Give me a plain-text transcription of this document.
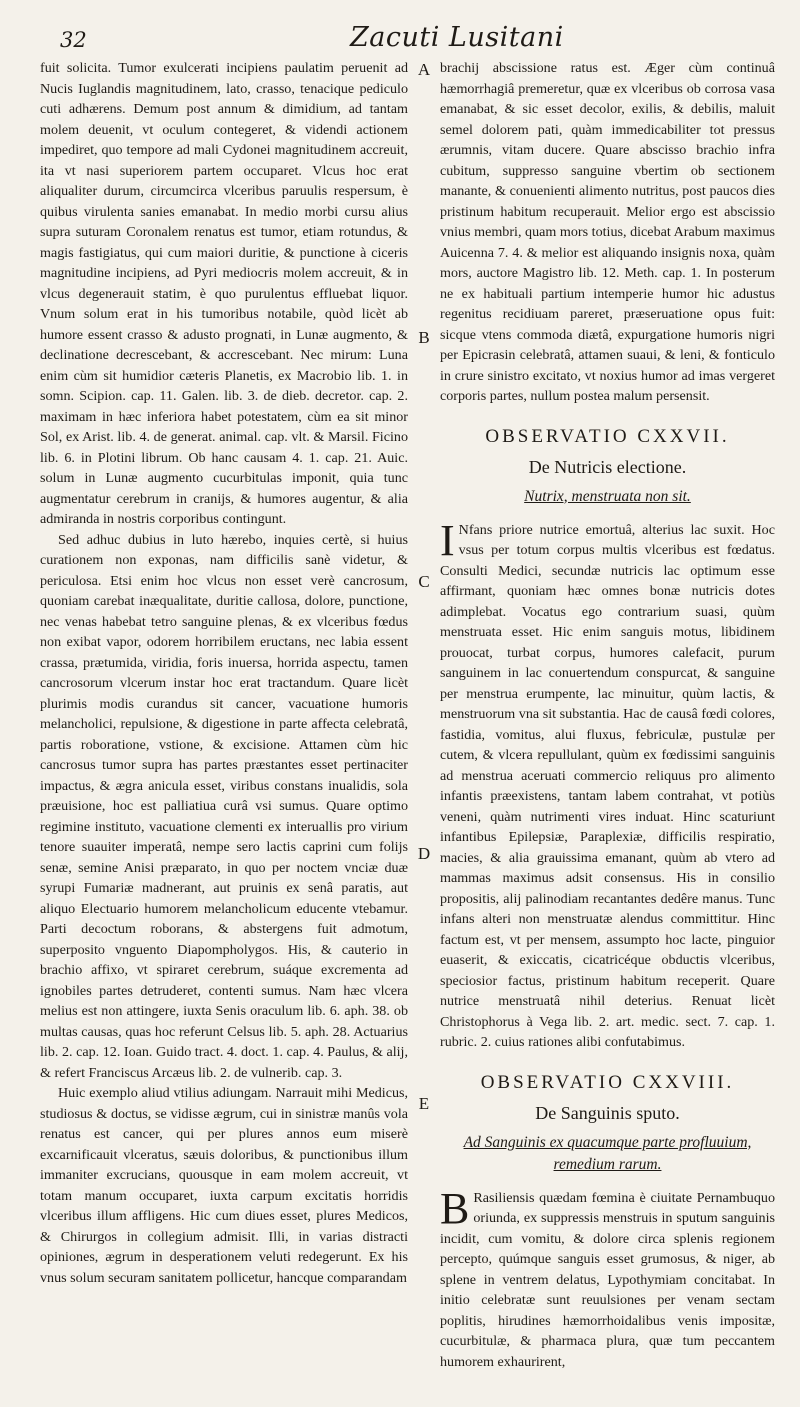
32	Zacuti Lusitani

fuit solicita. Tumor exulcerati incipiens paulatim peruenit ad Nucis Iuglandis magnitudinem, lato, crasso, tenacique pediculo cuti adhærens. Demum post annum & dimidium, ad tantam molem deuenit, vt oculum contegeret, & videndi actionem impediret, quo tempore ad mali Cydonei magnitudinem accreuit, ita vt nasi superiorem partem occuparet. Vlcus hoc erat aliqualiter durum, circumcirca vlceribus paruulis respersum, è quibus virulenta sanies emanabat. In medio morbi cursu alius supra suturam Coronalem renatus est tumor, etiam rotundus, & magis fastigiatus, qui cum maiori duritie, & punctione à ciceris magnitudine incipiens, ad Pyri mediocris molem accreuit, & in vlcus degenerauit statim, è quo purulentus effluebat liquor. Vnum solum erat in his tumoribus notabile, quòd licèt ab humore essent crasso & adusto prognati, in Lunæ augmento, & declinatione decrescebant, & accrescebant. Nec mirum: Luna enim cùm sit humidior cæteris Planetis, ex Macrobio lib. 1. in somn. Scipion. cap. 11. Galen. lib. 3. de dieb. decretor. cap. 2. maximam in hæc inferiora habet potestatem, cùm ea sit minor Sol, ex Arist. lib. 4. de generat. animal. cap. vlt. & Marsil. Ficino lib. 6. in Plotini librum. Ob hanc causam 4. 1. cap. 21. Auic. solum in Lunæ augmento cucurbitulas imponit, quia tunc augmentatur cerebrum in cranijs, & humores augentur, & alia admiranda in nostris corporibus contingunt.

Sed adhuc dubius in luto hærebo, inquies certè, si huius curationem non exponas, nam difficilis sanè videtur, & periculosa. Etsi enim hoc vlcus non esset verè cancrosum, quoniam carebat inæqualitate, duritie callosa, dolore, punctione, nec venas habebat tetro sanguine plenas, & ex vlceribus fœdus non exibat vapor, odorem horribilem eructans, nec labia essent crassa, prætumida, viridia, foris inuersa, horrida aspectu, tamen cancrosorum vlcerum instar hoc erat tractandum. Quare licèt plurimis modis curandus sit cancer, vacuatione humoris melancholici, repulsione, & digestione in parte affecta celebratâ, partis roboratione, vstione, & excisione. Attamen cùm hic cancrosus tumor supra has partes præstantes esset pertinaciter impactus, & ægra anicula esset, viribus constans inualidis, sola præuisione, hoc est palliatiua curâ vsi sumus. Quare optimo regimine instituto, vacuatione clementi ex interuallis pro virium tenore suauiter imperatâ, nempe sero lactis caprini cum folijs senæ, semine Anisi præparato, in quo per noctem vnciæ duæ syrupi Fumariæ madnerant, aut pruinis ex senâ paratis, aut aliquo Electuario humorem melancholicum educente vtebamur. Parti decoctum roborans, & abstergens fuit admotum, superposito vnguento Diapompholygos. His, & cauterio in brachio affixo, vt spiraret cerebrum, suáque excrementa ad ignobiles partes detruderet, contenti sumus. Nam hæc vlcera melius est non attingere, iuxta Senis oraculum lib. 6. aph. 38. ob multas causas, quas hoc referunt Celsus lib. 5. aph. 28. Actuarius lib. 2. cap. 12. Ioan. Guido tract. 4. doct. 1. cap. 4. Paulus, & alij, & refert Franciscus Arcæus lib. 2. de vulnerib. cap. 3.

Huic exemplo aliud vtilius adiungam. Narrauit mihi Medicus, studiosus & doctus, se vidisse ægrum, cui in sinistræ manûs vola renatus est cancer, qui per plures annos eum miserè excarnificauit vlceratus, sæuis doloribus, & punctionibus illum immaniter excrucians, quousque in eam molem accreuit, vt totam manum occuparet, iuxta carpum excitatis horridis vlceribus illum affligens. Hic cum diues esset, plures Medicos, & Chirurgos in collegium admisit. Illi, in varias distracti opiniones, ægrum in desperationem veluti redegerunt. Ex his vnus solum securam sanitatem pollicetur, hancque comparandam

A
B
C
D
E

brachij abscissione ratus est. Æger cùm continuâ hæmorrhagiâ premeretur, quæ ex vlceribus ob corrosa vasa emanabat, & sic esset decolor, exilis, & debilis, maluit semel dolorem pati, quàm immedicabiliter tot pressus ærumnis, vitam ducere. Quare abscisso brachio infra cubitum, suppresso sanguine vbertim ob sectionem manante, & conuenienti alimento nutritus, post paucos dies pristinum habitum recuperauit. Melior ergo est abscissio vnius membri, quam mors totius, dicebat Arabum maximus Auicenna 7. 4. & melior est aliquando insignis noxa, quàm mors, auctore Magistro lib. 12. Meth. cap. 1. In posterum ne ex habituali partium intemperie humor hic adustus regenitus recidiuam pareret, præseruatione opus fuit: sicque vtens commoda diætâ, expurgatione humoris nigri per Epicrasin celebratâ, attamen suaui, & leni, & fonticulo in crure sinistro excitato, vt noxius humor ad imas vergeret corporis partes, nullum postea malum persensit.

OBSERVATIO CXXVII.
De Nutricis electione.
Nutrix, menstruata non sit.

I Nfans priore nutrice emortuâ, alterius lac suxit. Hoc vsus per totum corpus multis vlceribus est fœdatus. Consulti Medici, secundæ nutricis lac optimum esse affirmant, quoniam hæc omnes bonæ nutricis dotes adimplebat. Vocatus ego contrarium suasi, quùm menstruata esset. Hic enim sanguis motus, libidinem prouocat, turbat corpus, humores calefacit, purum sanguinem in lac conuertendum conspurcat, & sanguine per menstrua erumpente, lac minuitur, quùm lactis, & menstruorum vna sit substantia. Hac de causâ fœdi colores, fastidia, vomitus, alui fluxus, febriculæ, pustulæ per cutem, & vlcera repullulant, quùm ex fœdissimi sanguinis ad menstrua aceruati commercio reliquus pro alimento infantis præexistens, tantam labem contrahat, vt potiùs veneni, quàm nutrimenti vires induat. Hinc scaturiunt infantibus Epilepsiæ, Paraplexiæ, difficilis respiratio, macies, & alia grauissima emanant, quùm ab vtero ad mammas maximus adsit consensus. His in consilio propositis, alij palinodiam recantantes dedêre manus. Tunc infans alteri non menstruatæ alendus committitur. Hinc factum est, vt per mensem, assumpto hoc lacte, pinguior euaserit, & exiccatis, cicatricéque obductis vlceribus, speciosior factus, pristinum habitum receperit. Quare nutrice menstruatâ nihil deterius. Renuat licèt Christophorus à Vega lib. 2. art. medic. sect. 7. cap. 1. rubric. 2. cuius rationes alibi confutabimus.

OBSERVATIO CXXVIII.
De Sanguinis sputo.
Ad Sanguinis ex quacumque parte profluuium, remedium rarum.

B Rasiliensis quædam fœmina è ciuitate Pernambuquo oriunda, ex suppressis menstruis in sputum sanguinis incidit, cum vomitu, & dolore circa splenis regionem percepto, quúmque sanguis esset grumosus, & niger, ab splene in ventrem delatus, Lypothymiam concitabat. In initio celebratæ sunt reuulsiones per venam sectam poplitis, hirudines hæmorrhoidalibus venis impositæ, cucurbitulæ, & pharmaca plura, quæ tum peccantem humorem exhaurirent,
